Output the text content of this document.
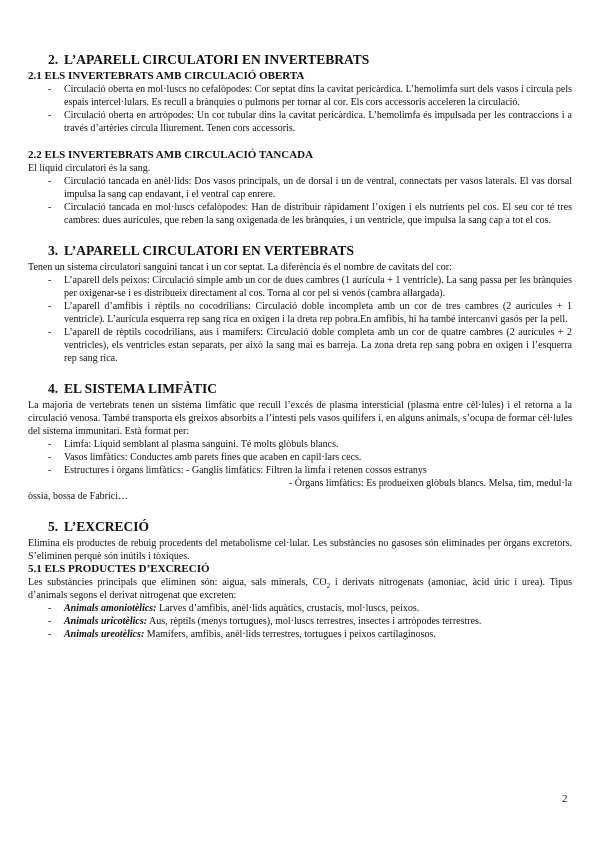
2. L’APARELL CIRCULATORI EN INVERTEBRATS
2.1 ELS INVERTEBRATS AMB CIRCULACIÓ OBERTA
- Circulació oberta en mol·luscs no cefalòpodes: Cor septat dins la cavitat pericàrdica. L’hemolimfa surt dels vasos i circula pels espais intercel·lulars. Es recull a brànquies o pulmons per tornar al cor. Els cors accessoris acceleren la circulació.
- Circulació oberta en artròpodes: Un cor tubular dins la cavitat pericàrdica. L’hemolimfa és impulsada per les contraccions i a través d’artèries circula lliurement. Tenen cors accessoris.
2.2 ELS INVERTEBRATS AMB CIRCULACIÓ TANCADA

El líquid circulatori és la sang.

- Circulació tancada en anèl·lids: Dos vasos principals, un de dorsal i un de ventral, connectats per vasos laterals. El vas dorsal impulsa la sang cap endavant, i el ventral cap enrere.
- Circulació tancada en mol·luscs cefalòpodes: Han de distribuir ràpidament l’oxigen i els nutrients pel cos. El seu cor té tres cambres: dues aurícules, que reben la sang oxigenada de les brànquies, i un ventricle, que impulsa la sang cap a tot el cos.
3. L’APARELL CIRCULATORI EN VERTEBRATS

Tenen un sistema circulatori sanguini tancat i un cor septat. La diferència és el nombre de cavitats del cor:

- L’aparell dels peixos: Circulació simple amb un cor de dues cambres (1 aurícula + 1 ventricle). La sang passa per les brànquies per oxigenar-se i es distribueix directament al cos. Torna al cor pel si venós (cambra allargada).
- L’aparell d’amfibis i rèptils no cocodrilians: Circulació doble incompleta amb un cor de tres cambres (2 aurícules + 1 ventricle). L’aurícula esquerra rep sang rica en oxigen i la dreta rep pobra.En amfibis, hi ha també intercanvi gasós per la pell.
- L’aparell de rèptils cocodrilians, aus i mamífers: Circulació doble completa amb un cor de quatre cambres (2 aurícules + 2 ventricles), els ventricles estan separats, per això la sang mai es barreja. La zona dreta rep sang pobra en oxigen i l’esquerra rep sang rica.
4. EL SISTEMA LIMFÀTIC

La majoria de vertebrats tenen un sistema limfàtic que recull l’excés de plasma intersticial (plasma entre cèl·lules) i el retorna a la circulació venosa. També transporta els greixos absorbits a l’intestí pels vasos quilífers i, en alguns animals, s’ocupa de formar cèl·lules del sistema immunitari. Està format per:

- Limfa: Líquid semblant al plasma sanguini. Té molts glòbuls blancs.
- Vasos limfàtics: Conductes amb parets fines que acaben en capil·lars cecs.
- Estructures i òrgans limfàtics: - Ganglis limfàtics: Filtren la limfa i retenen cossos estranys

- Òrgans limfàtics: Es produeixen glòbuls blancs. Melsa, tim, medul·la
òssia, bossa de Fabrici…

5. L’EXCRECIÓ

Elimina els productes de rebuig procedents del metabolisme cel·lular. Les substàncies no gasoses són eliminades per òrgans excretors. S’eliminen perquè són inútils i tòxiques.

5.1 ELS PRODUCTES D’EXCRECIÓ

Les substàncies principals que eliminen són: aigua, sals minerals, $CO_2$ i derivats nitrogenats (amoníac, àcid úric i urea). Tipus d’animals segons el derivat nitrogenat que excreten:

- Animals amoniotèlics: Larves d’amfibis, anèl·lids aquàtics, crustacis, mol·luscs, peixos.
- Animals uricotèlics: Aus, rèptils (menys tortugues), mol·luscs terrestres, insectes i artròpodes terrestres.
- Animals ureotèlics: Mamífers, amfibis, anèl·lids terrestres, tortugues i peixos cartilaginosos.
2
